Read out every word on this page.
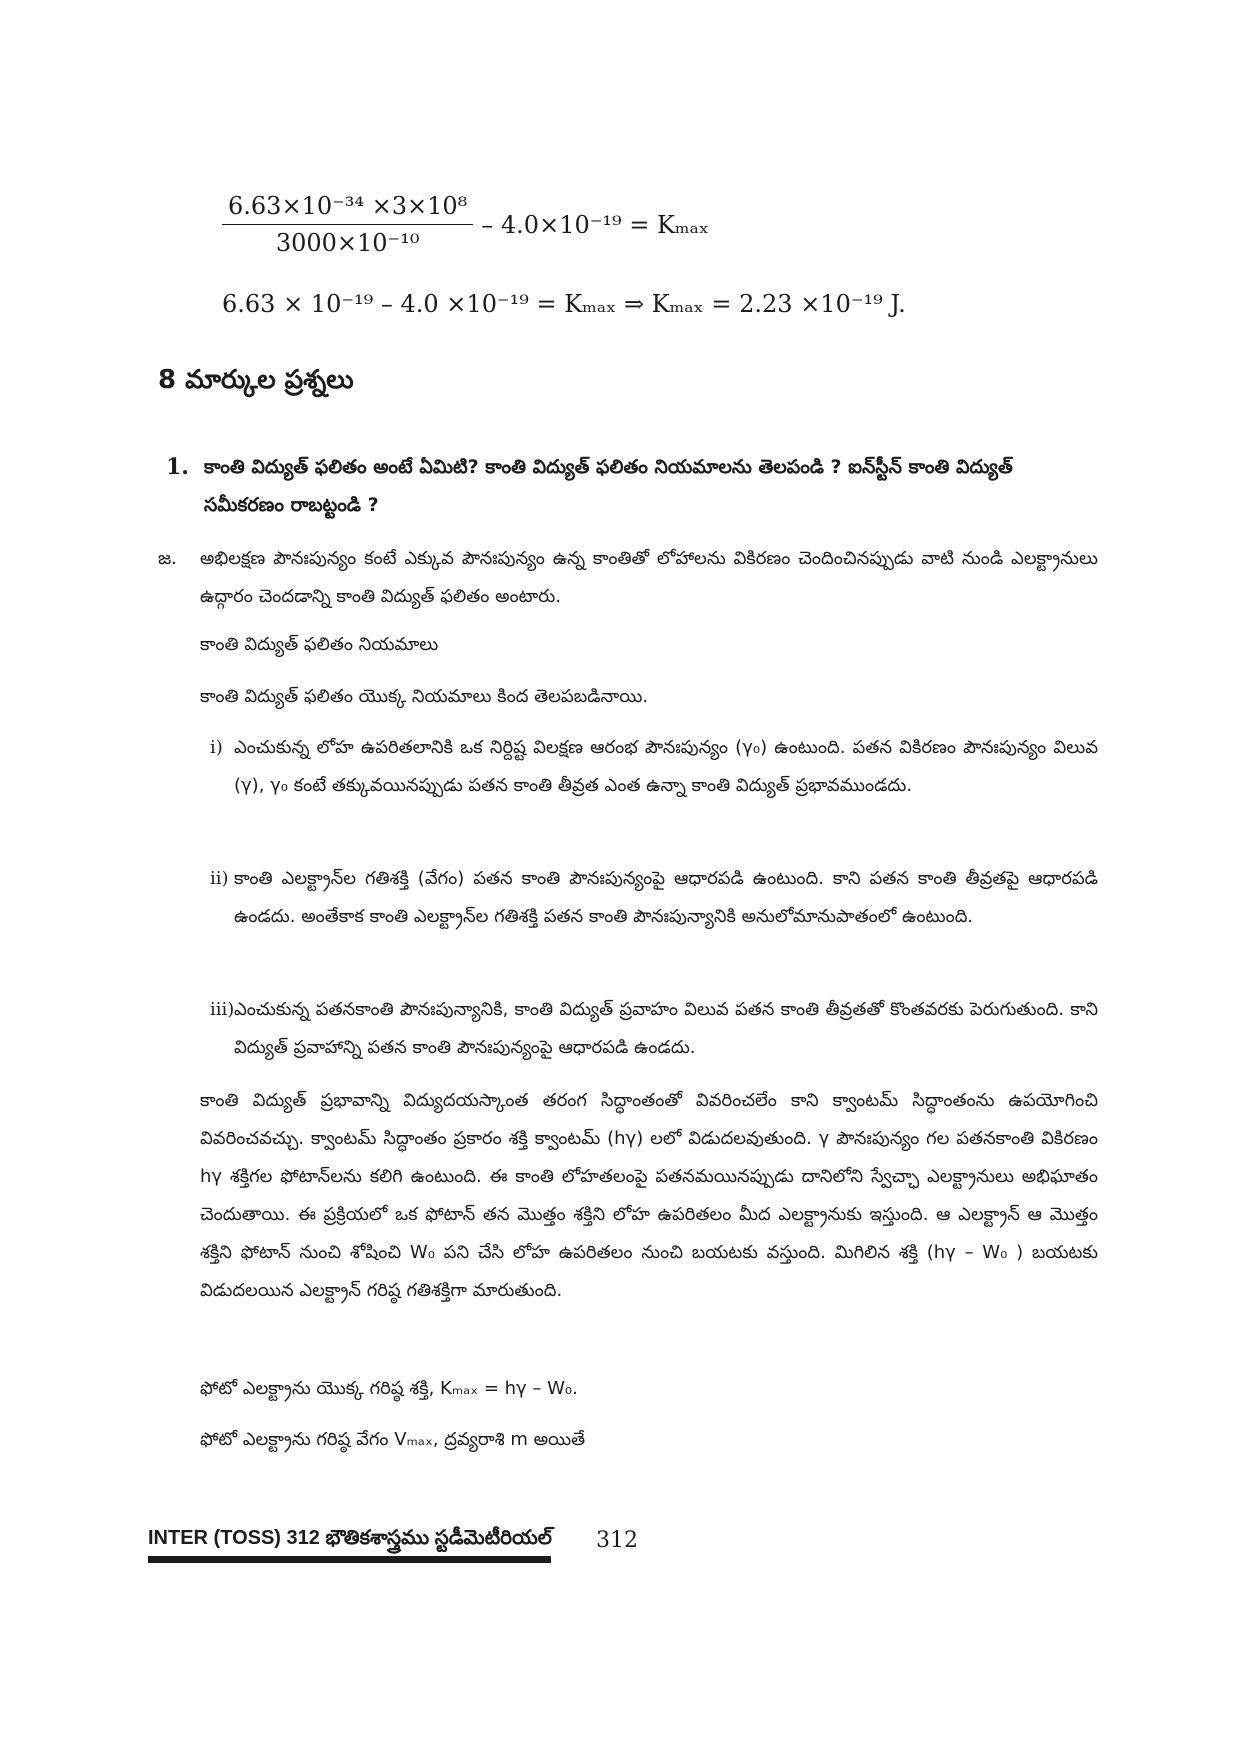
$\frac{\text{6.63×10⁻³⁴ ×3×10⁸}}{\text{3000×10⁻¹⁰}} - 4.0\times 10^{-19} = K_{max}$
6.63 × 10⁻¹⁹ – 4.0 ×10⁻¹⁹ = Kₘₐₓ ⇒ Kₘₐₓ = 2.23 ×10⁻¹⁹ J.
8 మార్కుల ప్రశ్నలు
1. కాంతి విద్యుత్ ఫలితం అంటే ఏమిటి? కాంతి విద్యుత్ ఫలితం నియమాలను తెలపండి ? ఐన్‌స్టీన్ కాంతి విద్యుత్ సమీకరణం రాబట్టండి ?
జ. అభిలక్షణ పౌనఃపున్యం కంటే ఎక్కువ పౌనఃపున్యం ఉన్న కాంతితో లోహాలను వికిరణం చెందించినప్పుడు వాటి నుండి ఎలక్ట్రానులు ఉద్గారం చెందడాన్ని కాంతి విద్యుత్ ఫలితం అంటారు.
కాంతి విద్యుత్ ఫలితం నియమాలు
కాంతి విద్యుత్ ఫలితం యొక్క నియమాలు కింద తెలపబడినాయి.
i) ఎంచుకున్న లోహ ఉపరితలానికి ఒక నిర్దిష్ట విలక్షణ ఆరంభ పౌనఃపున్యం (γ₀) ఉంటుంది. పతన వికిరణం పౌనఃపున్యం విలువ (γ), γ₀ కంటే తక్కువయినప్పుడు పతన కాంతి తీవ్రత ఎంత ఉన్నా కాంతి విద్యుత్ ప్రభావముండదు.
ii) కాంతి ఎలక్ట్రాన్‌ల గతిశక్తి (వేగం) పతన కాంతి పౌనఃపున్యంపై ఆధారపడి ఉంటుంది. కాని పతన కాంతి తీవ్రతపై ఆధారపడి ఉండదు. అంతేకాక కాంతి ఎలక్ట్రాన్‌ల గతిశక్తి పతన కాంతి పౌనఃపున్యానికి అనులోమానుపాతంలో ఉంటుంది.
iii) ఎంచుకున్న పతనకాంతి పౌనఃపున్యానికి, కాంతి విద్యుత్ ప్రవాహం విలువ పతన కాంతి తీవ్రతతో కొంతవరకు పెరుగుతుంది. కాని విద్యుత్ ప్రవాహాన్ని పతన కాంతి పౌనఃపున్యంపై ఆధారపడి ఉండదు.
కాంతి విద్యుత్ ప్రభావాన్ని విద్యుదయస్కాంత తరంగ సిద్ధాంతంతో వివరించలేం కాని క్వాంటమ్ సిద్ధాంతంను ఉపయోగించి వివరించవచ్చు. క్వాంటమ్ సిద్ధాంతం ప్రకారం శక్తి క్వాంటమ్ (hγ) లలో విడుదలవుతుంది. γ పౌనఃపున్యం గల పతనకాంతి వికిరణం hγ శక్తిగల ఫోటాన్‌లను కలిగి ఉంటుంది. ఈ కాంతి లోహతలంపై పతనమయినప్పుడు దానిలోని స్వేచ్ఛా ఎలక్ట్రానులు అభిఘాతం చెందుతాయి. ఈ ప్రక్రియలో ఒక ఫోటాన్ తన మొత్తం శక్తిని లోహ ఉపరితలం మీద ఎలక్ట్రానుకు ఇస్తుంది. ఆ ఎలక్ట్రాన్ ఆ మొత్తం శక్తిని ఫోటాన్ నుంచి శోషించి W₀ పని చేసి లోహ ఉపరితలం నుంచి బయటకు వస్తుంది. మిగిలిన శక్తి (hγ – W₀ ) బయటకు విడుదలయిన ఎలక్ట్రాన్ గరిష్ఠ గతిశక్తిగా మారుతుంది.
ఫోటో ఎలక్ట్రాను యొక్క గరిష్ఠ శక్తి, Kₘₐₓ = hγ – W₀.
ఫోటో ఎలక్ట్రాను గరిష్ఠ వేగం Vₘₐₓ, ద్రవ్యరాశి m అయితే
INTER (TOSS) 312 భౌతికశాస్త్రము స్టడీమెటీరియల్ 312
